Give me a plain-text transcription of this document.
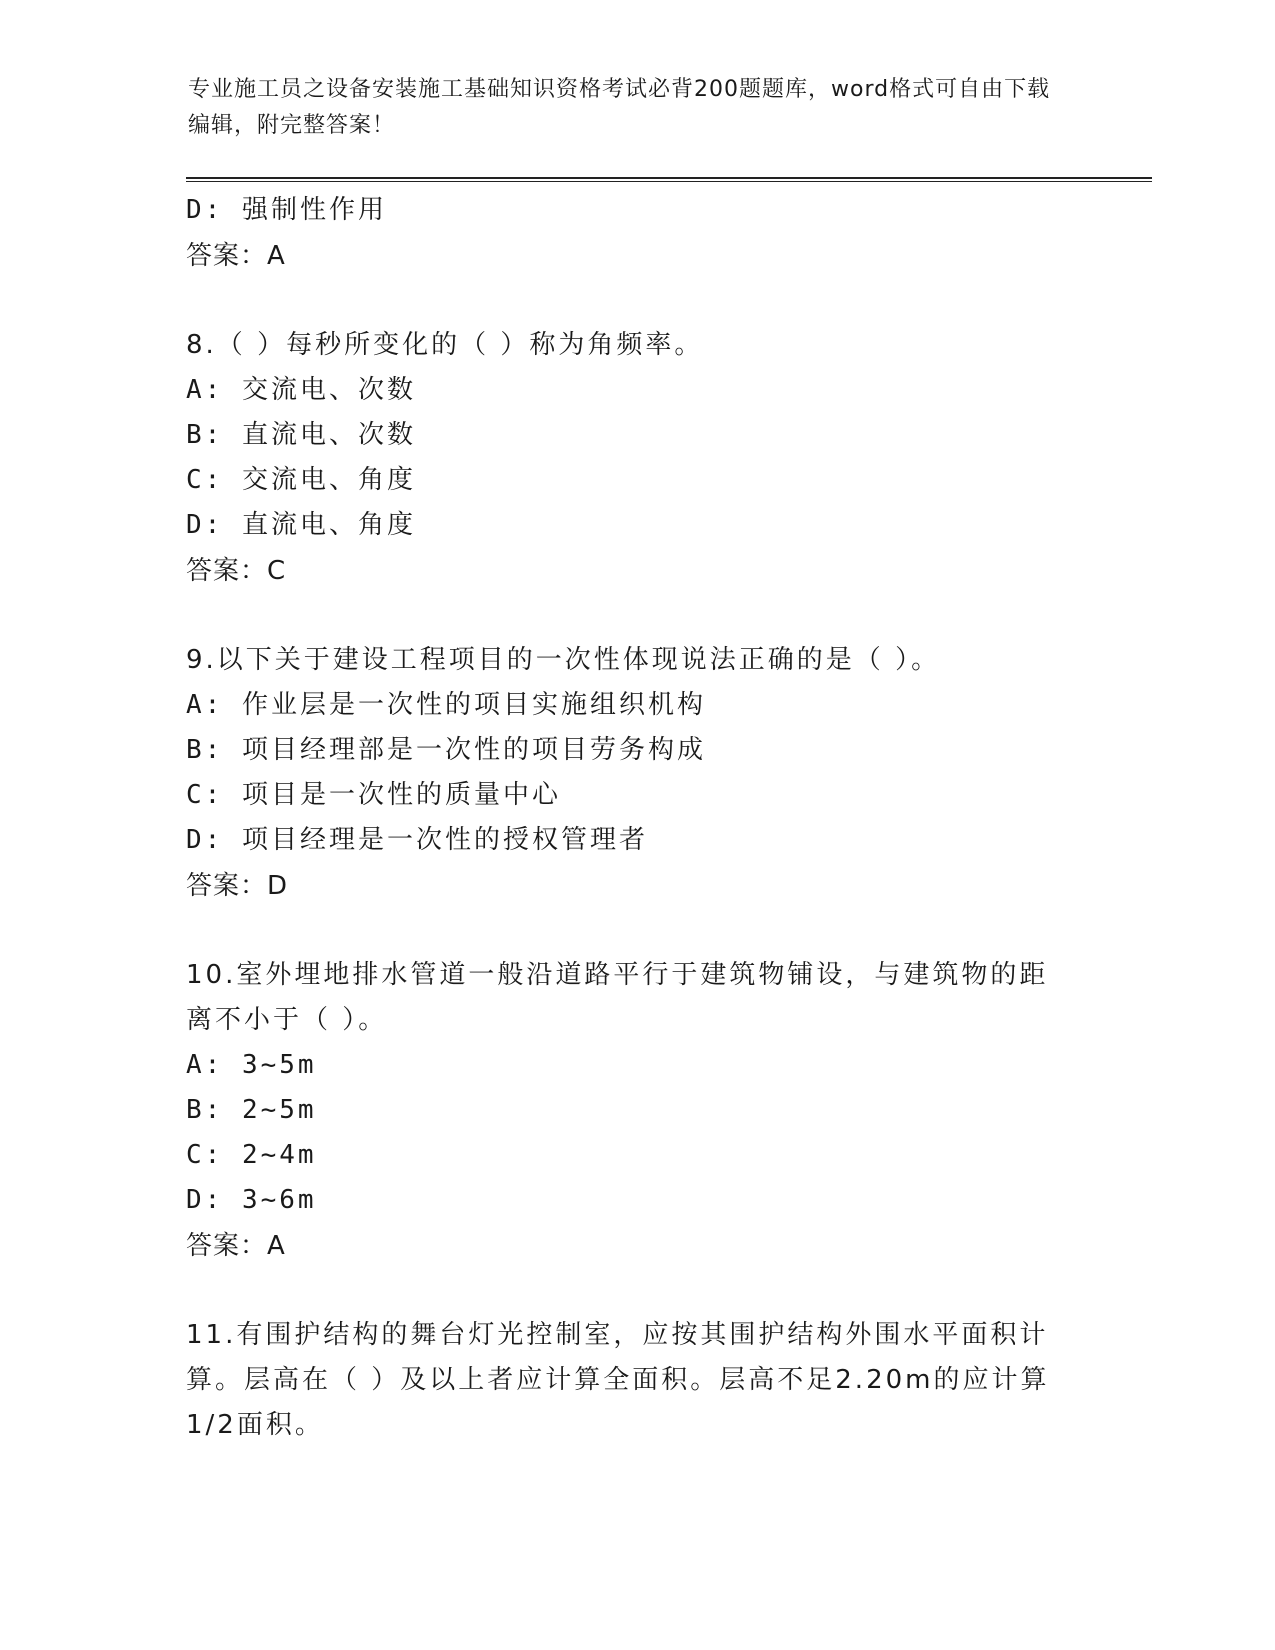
专业施工员之设备安装施工基础知识资格考试必背200题题库，word格式可自由下载编辑，附完整答案！
D: 强制性作用
答案：A
8.（ ）每秒所变化的（ ）称为角频率。
A: 交流电、次数
B: 直流电、次数
C: 交流电、角度
D: 直流电、角度
答案：C
9.以下关于建设工程项目的一次性体现说法正确的是（ ）。
A: 作业层是一次性的项目实施组织机构
B: 项目经理部是一次性的项目劳务构成
C: 项目是一次性的质量中心
D: 项目经理是一次性的授权管理者
答案：D
10.室外埋地排水管道一般沿道路平行于建筑物铺设，与建筑物的距离不小于（ ）。
A: 3~5m
B: 2~5m
C: 2~4m
D: 3~6m
答案：A
11.有围护结构的舞台灯光控制室，应按其围护结构外围水平面积计算。层高在（ ）及以上者应计算全面积。层高不足2.20m的应计算1/2面积。
